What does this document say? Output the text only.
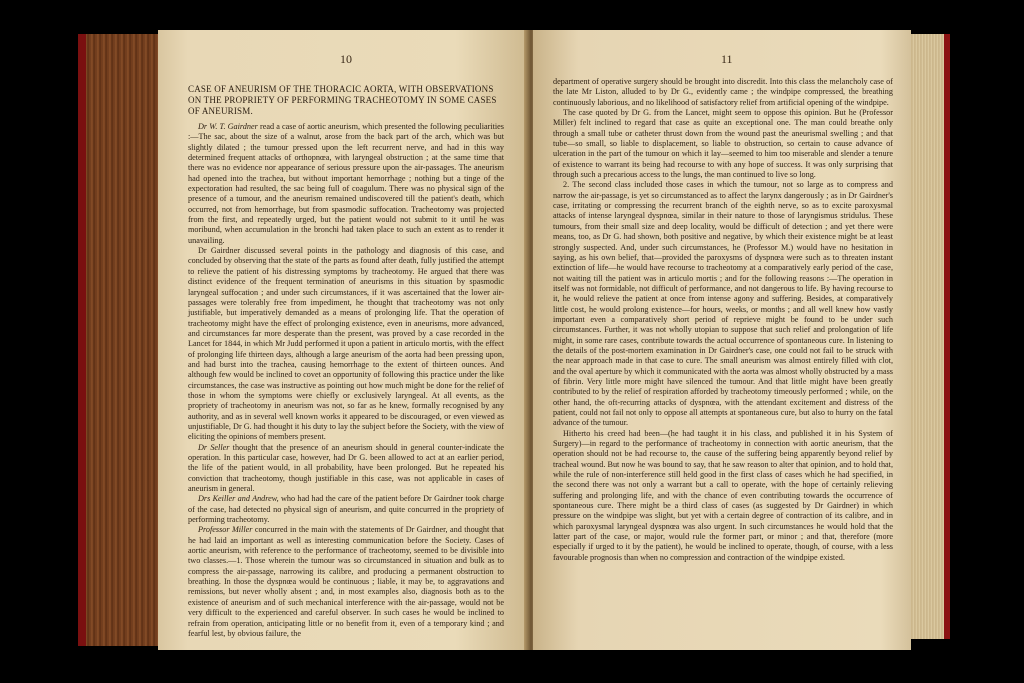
10
CASE OF ANEURISM OF THE THORACIC AORTA, WITH OBSERVATIONS ON THE PROPRIETY OF PERFORMING TRACHEOTOMY IN SOME CASES OF ANEURISM.

Dr W. T. Gairdner read a case of aortic aneurism, which presented the following peculiarities :—The sac, about the size of a walnut, arose from the back part of the arch, which was but slightly dilated ; the tumour pressed upon the left recurrent nerve, and had in this way determined frequent attacks of orthopnœa, with laryngeal obstruction ; at the same time that there was no evidence nor appearance of serious pressure upon the air-passages. The aneurism had opened into the trachea, but without important hemorrhage ; nothing but a tinge of the expectoration had resulted, the sac being full of coagulum. There was no physical sign of the presence of a tumour, and the aneurism remained undiscovered till the patient's death, which occurred, not from hemorrhage, but from spasmodic suffocation. Tracheotomy was projected from the first, and repeatedly urged, but the patient would not submit to it until he was moribund, when accumulation in the bronchi had taken place to such an extent as to render it unavailing.

Dr Gairdner discussed several points in the pathology and diagnosis of this case, and concluded by observing that the state of the parts as found after death, fully justified the attempt to relieve the patient of his distressing symptoms by tracheotomy. He argued that there was distinct evidence of the frequent termination of aneurisms in this situation by spasmodic laryngeal suffocation ; and under such circumstances, if it was ascertained that the lower air-passages were tolerably free from impediment, he thought that tracheotomy was not only justifiable, but imperatively demanded as a means of prolonging life. That the operation of tracheotomy might have the effect of prolonging existence, even in aneurisms, more advanced, and circumstances far more desperate than the present, was proved by a case recorded in the Lancet for 1844, in which Mr Judd performed it upon a patient in articulo mortis, with the effect of prolonging life thirteen days, although a large aneurism of the aorta had been pressing upon, and had burst into the trachea, causing hemorrhage to the extent of thirteen ounces. And although few would be inclined to covet an opportunity of following this practice under the like circumstances, the case was instructive as pointing out how much might be done for the relief of those in whom the symptoms were chiefly or exclusively laryngeal. At all events, as the propriety of tracheotomy in aneurism was not, so far as he knew, formally recognised by any authority, and as in several well known works it appeared to be discouraged, or even viewed as unjustifiable, Dr G. had thought it his duty to lay the subject before the Society, with the view of eliciting the opinions of members present.

Dr Seller thought that the presence of an aneurism should in general counter-indicate the operation. In this particular case, however, had Dr G. been allowed to act at an earlier period, the life of the patient would, in all probability, have been prolonged. But he repeated his conviction that tracheotomy, though justifiable in this case, was not applicable in cases of aneurism in general.

Drs Keiller and Andrew, who had had the care of the patient before Dr Gairdner took charge of the case, had detected no physical sign of aneurism, and quite concurred in the propriety of performing tracheotomy.

Professor Miller concurred in the main with the statements of Dr Gairdner, and thought that he had laid an important as well as interesting communication before the Society. Cases of aortic aneurism, with reference to the performance of tracheotomy, seemed to be divisible into two classes.—1. Those wherein the tumour was so circumstanced in situation and bulk as to compress the air-passage, narrowing its calibre, and producing a permanent obstruction to breathing. In those the dyspnœa would be continuous ; liable, it may be, to aggravations and remissions, but never wholly absent ; and, in most examples also, diagnosis both as to the existence of aneurism and of such mechanical interference with the air-passage, would not be very difficult to the experienced and careful observer. In such cases he would be inclined to refrain from operation, anticipating little or no benefit from it, even of a temporary kind ; and fearful lest, by obvious failure, the

11

department of operative surgery should be brought into discredit. Into this class the melancholy case of the late Mr Liston, alluded to by Dr G., evidently came ; the windpipe compressed, the breathing continuously laborious, and no likelihood of satisfactory relief from artificial opening of the windpipe.

The case quoted by Dr G. from the Lancet, might seem to oppose this opinion. But he (Professor Miller) felt inclined to regard that case as quite an exceptional one. The man could breathe only through a small tube or catheter thrust down from the wound past the aneurismal swelling ; and that tube—so small, so liable to displacement, so liable to obstruction, so certain to cause advance of ulceration in the part of the tumour on which it lay—seemed to him too miserable and slender a tenure of existence to warrant its being had recourse to with any hope of success. It was only surprising that through such a precarious access to the lungs, the man continued to live so long.

2. The second class included those cases in which the tumour, not so large as to compress and narrow the air-passage, is yet so circumstanced as to affect the larynx dangerously ; as in Dr Gairdner's case, irritating or compressing the recurrent branch of the eighth nerve, so as to excite paroxysmal attacks of intense laryngeal dyspnœa, similar in their nature to those of laryngismus stridulus. These tumours, from their small size and deep locality, would be difficult of detection ; and yet there were means, too, as Dr G. had shown, both positive and negative, by which their existence might be at least strongly suspected. And, under such circumstances, he (Professor M.) would have no hesitation in saying, as his own belief, that—provided the paroxysms of dyspnœa were such as to threaten instant extinction of life—he would have recourse to tracheotomy at a comparatively early period of the case, not waiting till the patient was in articulo mortis ; and for the following reasons :—The operation in itself was not formidable, not difficult of performance, and not dangerous to life. By having recourse to it, he would relieve the patient at once from intense agony and suffering. Besides, at comparatively little cost, he would prolong existence—for hours, weeks, or months ; and all well knew how vastly important even a comparatively short period of reprieve might be found to be under such circumstances. Further, it was not wholly utopian to suppose that such relief and prolongation of life might, in some rare cases, contribute towards the actual occurrence of spontaneous cure. In listening to the details of the post-mortem examination in Dr Gairdner's case, one could not fail to be struck with the near approach made in that case to cure. The small aneurism was almost entirely filled with clot, and the oval aperture by which it communicated with the aorta was almost wholly obstructed by a mass of fibrin. Very little more might have silenced the tumour. And that little might have been greatly contributed to by the relief of respiration afforded by tracheotomy timeously performed ; while, on the other hand, the oft-recurring attacks of dyspnœa, with the attendant excitement and distress of the patient, could not fail not only to oppose all attempts at spontaneous cure, but also to hurry on the fatal advance of the tumour.

Hitherto his creed had been—(he had taught it in his class, and published it in his System of Surgery)—in regard to the performance of tracheotomy in connection with aortic aneurism, that the operation should not be had recourse to, the cause of the suffering being apparently beyond relief by tracheal wound. But now he was bound to say, that he saw reason to alter that opinion, and to hold that, while the rule of non-interference still held good in the first class of cases which he had specified, in the second there was not only a warrant but a call to operate, with the hope of certainly relieving suffering and prolonging life, and with the chance of even contributing towards the occurrence of spontaneous cure. There might be a third class of cases (as suggested by Dr Gairdner) in which pressure on the windpipe was slight, but yet with a certain degree of contraction of its calibre, and in which paroxysmal laryngeal dyspnœa was also urgent. In such circumstances he would hold that the latter part of the case, or major, would rule the former part, or minor ; and that, therefore (more especially if urged to it by the patient), he would be inclined to operate, though, of course, with a less favourable prognosis than when no compression and contraction of the windpipe existed.
